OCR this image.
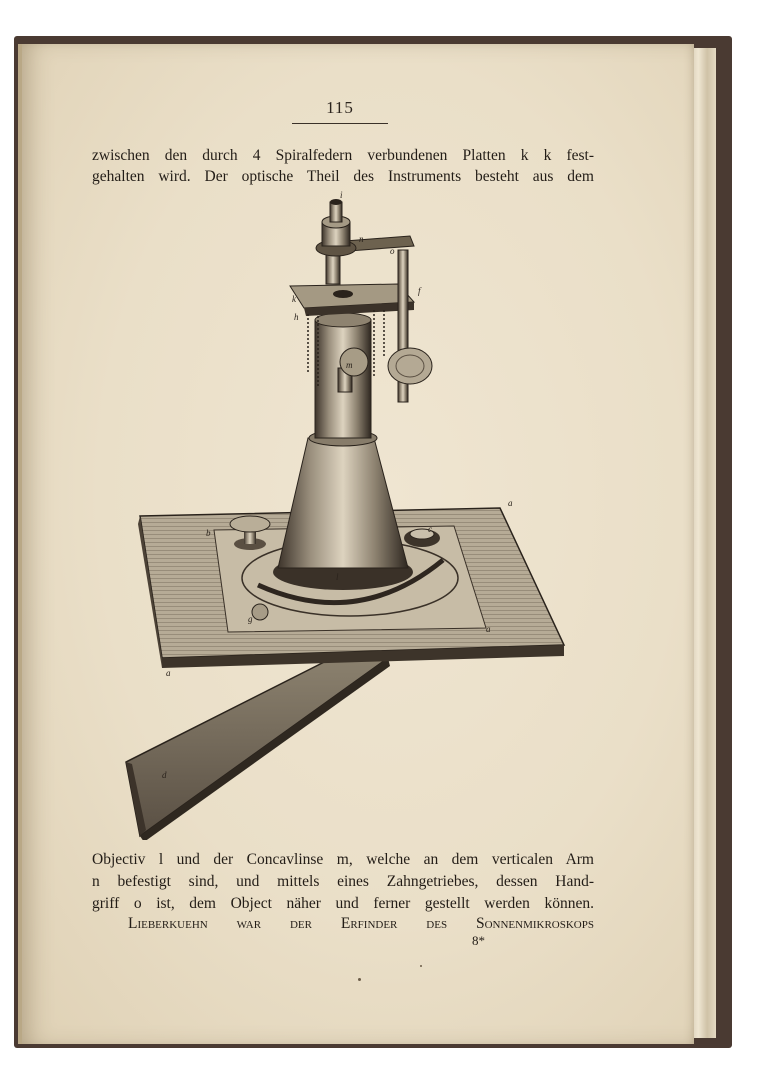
115
zwischen den durch 4 Spiralfedern verbundenen Platten k k fest-
gehalten wird. Der optische Theil des Instruments besteht aus dem
i
n
o
k
l
m
a
a
a
b	c
d
g
h
f
Objectiv l und der Concavlinse m, welche an dem verticalen Arm
n befestigt sind, und mittels eines Zahngetriebes, dessen Hand-
griff o ist, dem Object näher und ferner gestellt werden können.
Lieberkuehn war der Erfinder des Sonnenmikroskops
8*
